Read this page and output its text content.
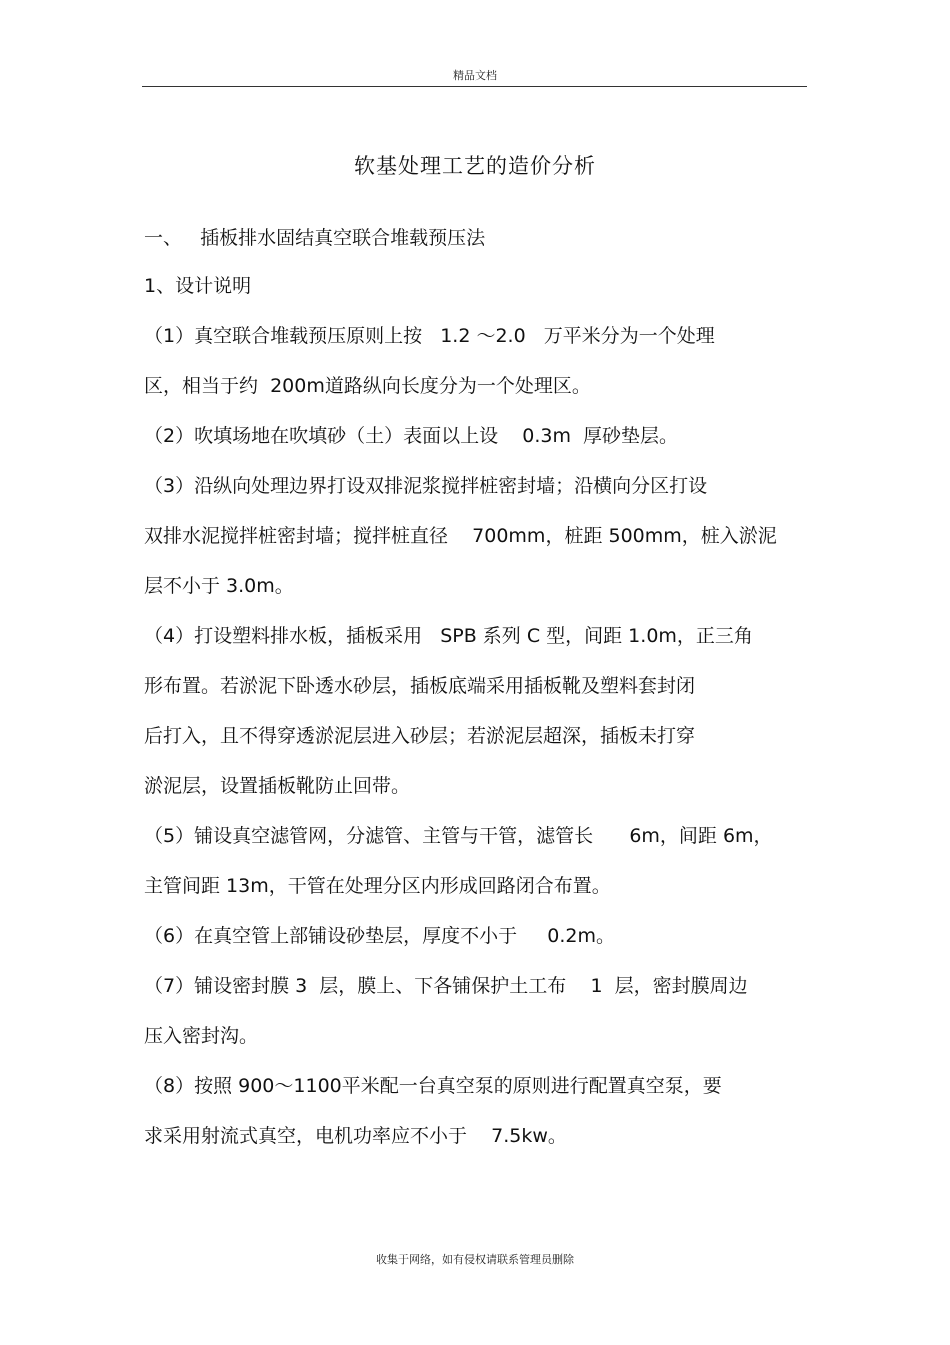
精品文档
软基处理工艺的造价分析
一、   插板排水固结真空联合堆载预压法
1、设计说明
（1）真空联合堆载预压原则上按   1.2 ～2.0   万平米分为一个处理
区，相当于约  200m道路纵向长度分为一个处理区。
（2）吹填场地在吹填砂（土）表面以上设    0.3m  厚砂垫层。
（3）沿纵向处理边界打设双排泥浆搅拌桩密封墙；沿横向分区打设
双排水泥搅拌桩密封墙；搅拌桩直径    700mm，桩距 500mm，桩入淤泥
层不小于 3.0m。
（4）打设塑料排水板，插板采用   SPB 系列 C 型，间距 1.0m，正三角
形布置。若淤泥下卧透水砂层，插板底端采用插板靴及塑料套封闭
后打入，且不得穿透淤泥层进入砂层；若淤泥层超深，插板未打穿
淤泥层，设置插板靴防止回带。
（5）铺设真空滤管网，分滤管、主管与干管，滤管长      6m，间距 6m，
主管间距 13m，干管在处理分区内形成回路闭合布置。
（6）在真空管上部铺设砂垫层，厚度不小于     0.2m。
（7）铺设密封膜 3  层，膜上、下各铺保护土工布    1  层，密封膜周边
压入密封沟。
（8）按照 900～1100平米配一台真空泵的原则进行配置真空泵，要
求采用射流式真空，电机功率应不小于    7.5kw。
收集于网络，如有侵权请联系管理员删除
